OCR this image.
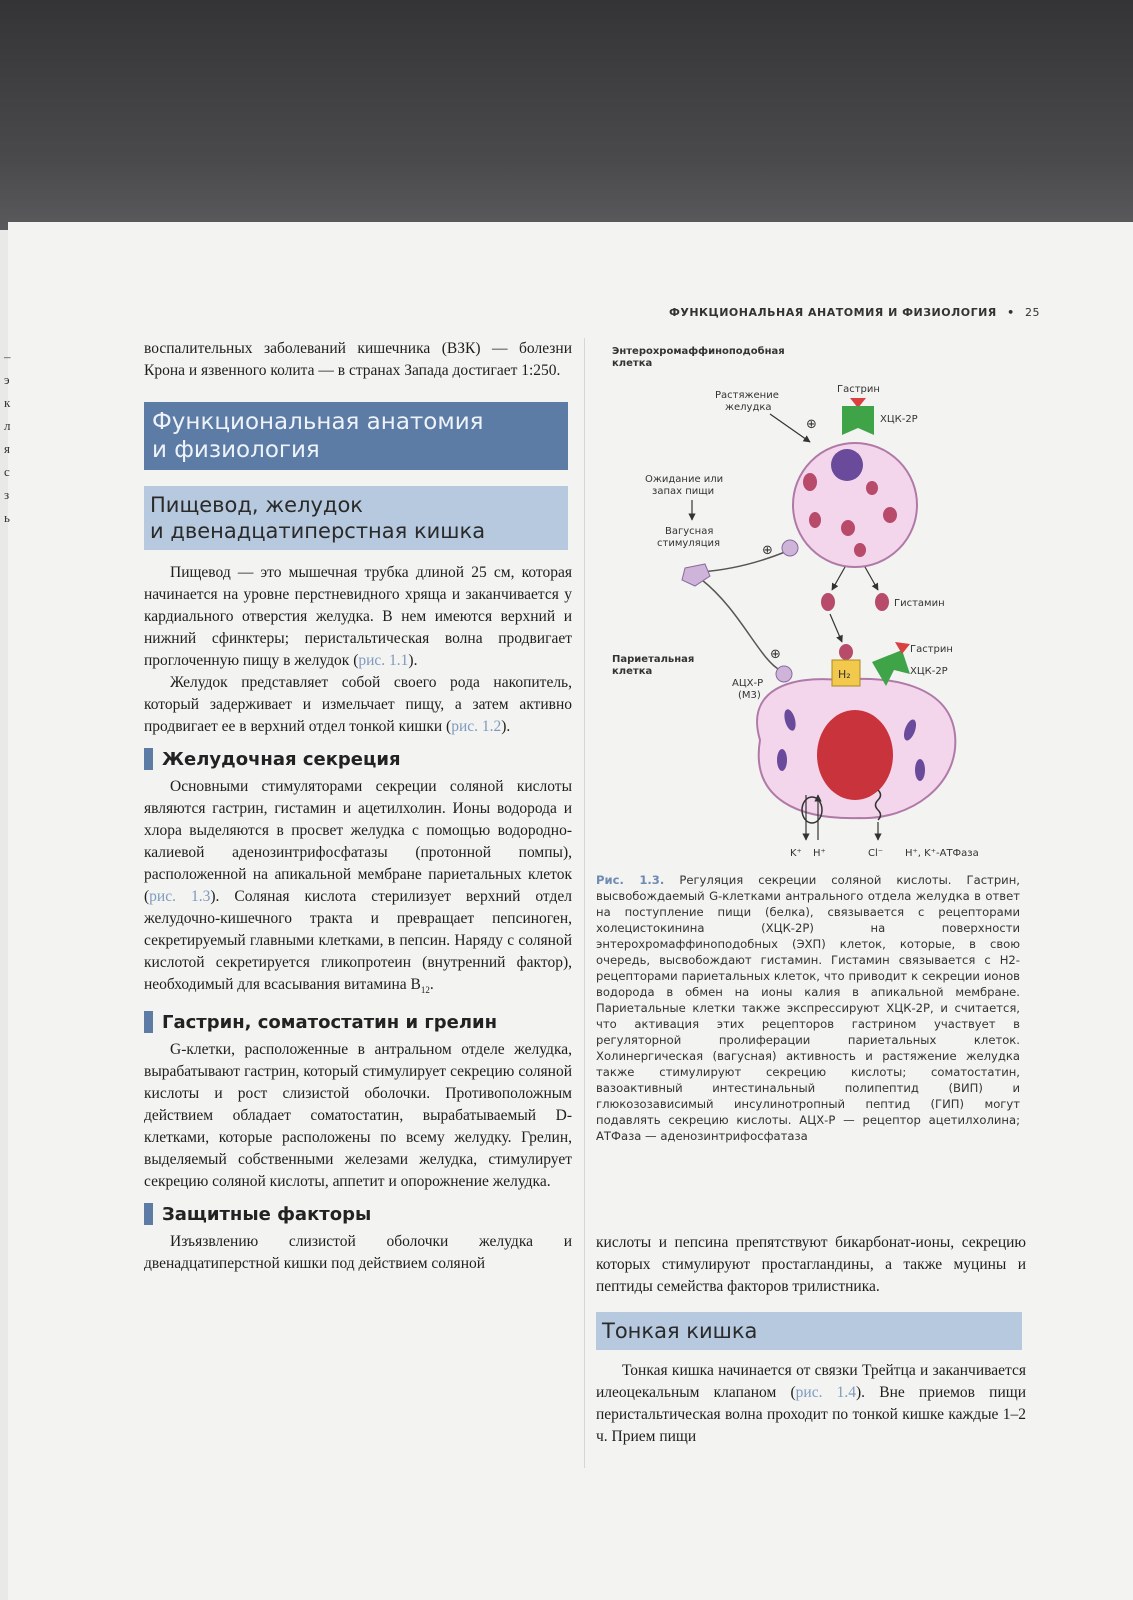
–
э
к
л
я
с
з
ь
ФУНКЦИОНАЛЬНАЯ АНАТОМИЯ И ФИЗИОЛОГИЯ • 25

воспалительных заболеваний кишечника (ВЗК) — болезни Крона и язвенного колита — в странах Запада достигает 1:250.

Функциональная анатомия
и физиология
Пищевод, желудок
и двенадцатиперстная кишка

Пищевод — это мышечная трубка длиной 25 см, которая начинается на уровне перстневидного хряща и заканчивается у кардиального отверстия желудка. В нем имеются верхний и нижний сфинктеры; перистальтическая волна продвигает проглоченную пищу в желудок (рис. 1.1).

Желудок представляет собой своего рода накопитель, который задерживает и измельчает пищу, а затем активно продвигает ее в верхний отдел тонкой кишки (рис. 1.2).

Желудочная секреция

Основными стимуляторами секреции соляной кислоты являются гастрин, гистамин и ацетилхолин. Ионы водорода и хлора выделяются в просвет желудка с помощью водородно-калиевой аденозинтрифосфатазы (протонной помпы), расположенной на апикальной мембране париетальных клеток (рис. 1.3). Соляная кислота стерилизует верхний отдел желудочно-кишечного тракта и превращает пепсиноген, секретируемый главными клетками, в пепсин. Наряду с соляной кислотой секретируется гликопротеин (внутренний фактор), необходимый для всасывания витамина $В_{12}$.

Гастрин, соматостатин и грелин

G-клетки, расположенные в антральном отделе желудка, вырабатывают гастрин, который стимулирует секрецию соляной кислоты и рост слизистой оболочки. Противоположным действием обладает соматостатин, вырабатываемый D-клетками, которые расположены по всему желудку. Грелин, выделяемый собственными железами желудка, стимулирует секрецию соляной кислоты, аппетит и опорожнение желудка.

Защитные факторы

Изъязвлению слизистой оболочки желудка и двенадцатиперстной кишки под действием соляной

Энтерохромаффиноподобная
клетка
Растяжение
желудка
⊕
Гастрин
ХЦК-2Р
Ожидание или
запах пищи
Вагусная
стимуляция	⊕
⊕
Гистамин
Париетальная
клетка	Н₂
Гастрин
ХЦК-2Р
АЦХ-Р
(М3)
K⁺ H⁺	Cl⁻ H⁺, K⁺-АТФаза
Рис. 1.3. Регуляция секреции соляной кислоты. Гастрин, высвобождаемый G-клетками антрального отдела желудка в ответ на поступление пищи (белка), связывается с рецепторами холецистокинина (ХЦК-2Р) на поверхности энтерохромаффиноподобных (ЭХП) клеток, которые, в свою очередь, высвобождают гистамин. Гистамин связывается с Н2-рецепторами париетальных клеток, что приводит к секреции ионов водорода в обмен на ионы калия в апикальной мембране. Париетальные клетки также экспрессируют ХЦК-2Р, и считается, что активация этих рецепторов гастрином участвует в регуляторной пролиферации париетальных клеток. Холинергическая (вагусная) активность и растяжение желудка также стимулируют секрецию кислоты; соматостатин, вазоактивный интестинальный полипептид (ВИП) и глюкозозависимый инсулинотропный пептид (ГИП) могут подавлять секрецию кислоты. АЦХ-Р — рецептор ацетилхолина; АТФаза — аденозинтрифосфатаза

кислоты и пепсина препятствуют бикарбонат-ионы, секрецию которых стимулируют простагландины, а также муцины и пептиды семейства факторов трилистника.

Тонкая кишка

Тонкая кишка начинается от связки Трейтца и заканчивается илеоцекальным клапаном (рис. 1.4). Вне приемов пищи перистальтическая волна проходит по тонкой кишке каждые 1–2 ч. Прием пищи
